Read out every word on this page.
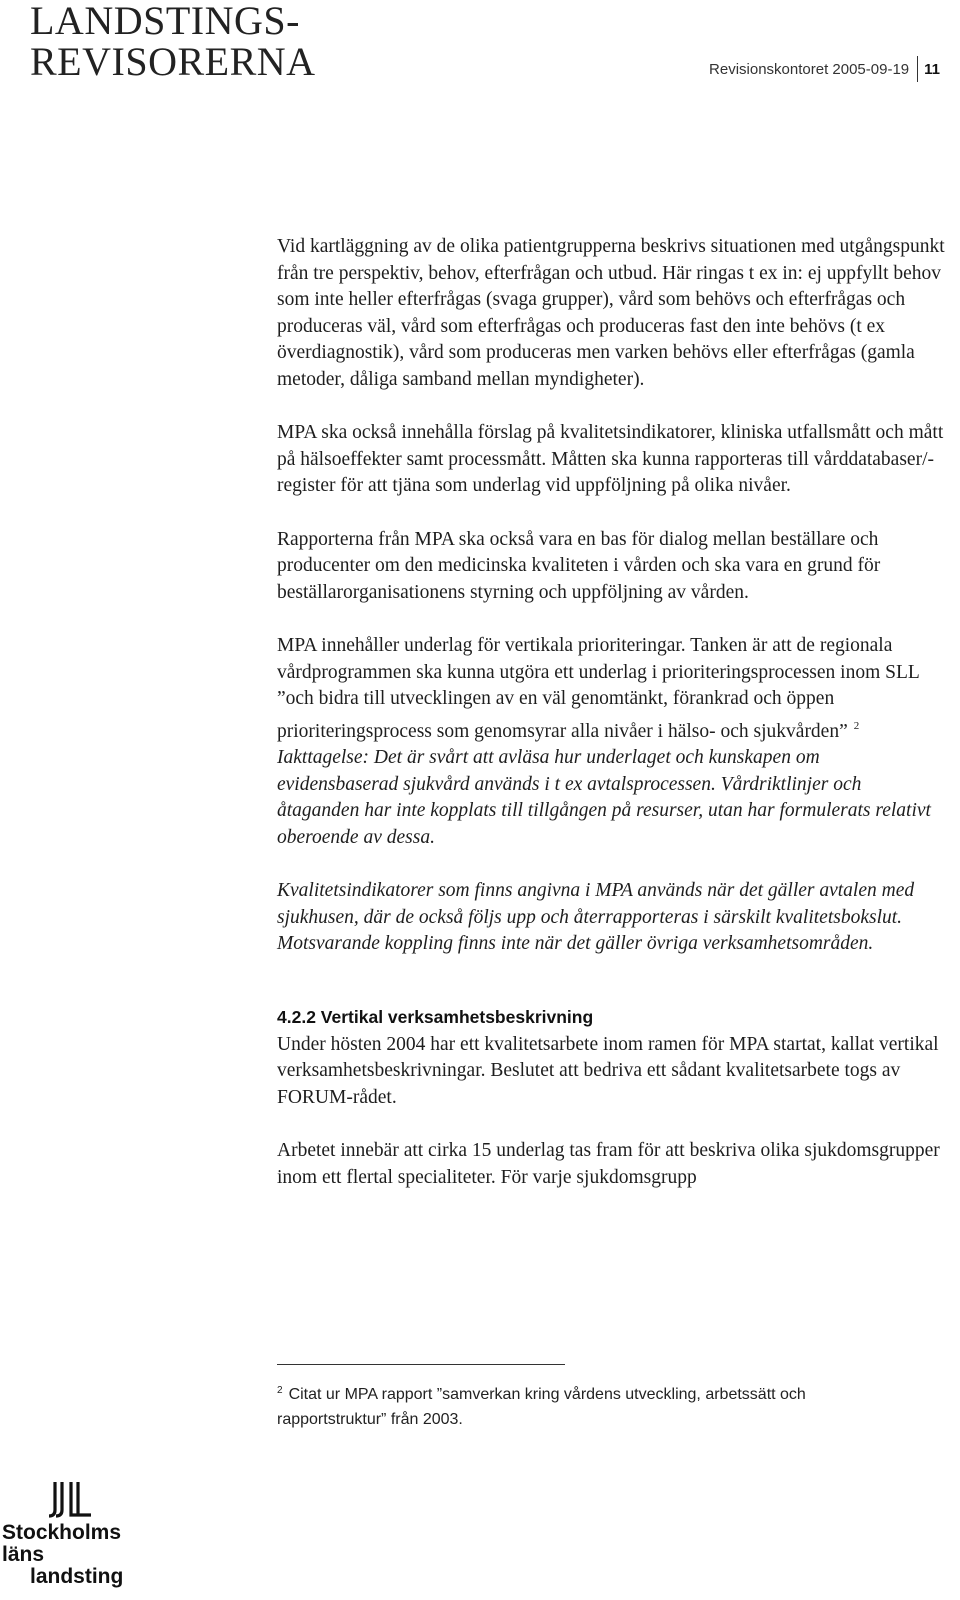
LANDSTINGS-
REVISORERNA	Revisionskontoret 2005-09-19 11

Vid kartläggning av de olika patientgrupperna beskrivs situationen med utgångspunkt från tre perspektiv, behov, efterfrågan och utbud. Här ringas t ex in: ej uppfyllt behov som inte heller efterfrågas (svaga grupper), vård som behövs och efterfrågas och produceras väl, vård som efterfrågas och produceras fast den inte behövs (t ex överdiagnostik), vård som produceras men varken behövs eller efterfrågas (gamla metoder, dåliga samband mellan myndigheter).

MPA ska också innehålla förslag på kvalitetsindikatorer, kliniska utfallsmått och mått på hälsoeffekter samt processmått. Måtten ska kunna rapporteras till vårddatabaser/-register för att tjäna som underlag vid uppföljning på olika nivåer.

Rapporterna från MPA ska också vara en bas för dialog mellan beställare och producenter om den medicinska kvaliteten i vården och ska vara en grund för beställarorganisationens styrning och uppföljning av vården.

MPA innehåller underlag för vertikala prioriteringar. Tanken är att de regionala vårdprogrammen ska kunna utgöra ett underlag i prioriteringsprocessen inom SLL ”och bidra till utvecklingen av en väl genomtänkt, förankrad och öppen prioriteringsprocess som genomsyrar alla nivåer i hälso- och sjukvården” $^2$

Iakttagelse: Det är svårt att avläsa hur underlaget och kunskapen om evidensbaserad sjukvård används i t ex avtalsprocessen. Vårdriktlinjer och åtaganden har inte kopplats till tillgången på resurser, utan har formulerats relativt oberoende av dessa.

Kvalitetsindikatorer som finns angivna i MPA används när det gäller avtalen med sjukhusen, där de också följs upp och återrapporteras i särskilt kvalitetsbokslut. Motsvarande koppling finns inte när det gäller övriga verksamhetsområden.

4.2.2 Vertikal verksamhetsbeskrivning

Under hösten 2004 har ett kvalitetsarbete inom ramen för MPA startat, kallat vertikal verksamhetsbeskrivningar. Beslutet att bedriva ett sådant kvalitetsarbete togs av FORUM-rådet.

Arbetet innebär att cirka 15 underlag tas fram för att beskriva olika sjukdomsgrupper inom ett flertal specialiteter. För varje sjukdomsgrupp

$^2$ Citat ur MPA rapport ”samverkan kring vårdens utveckling, arbetssätt och rapportstruktur” från 2003.
Stockholms läns
landsting
